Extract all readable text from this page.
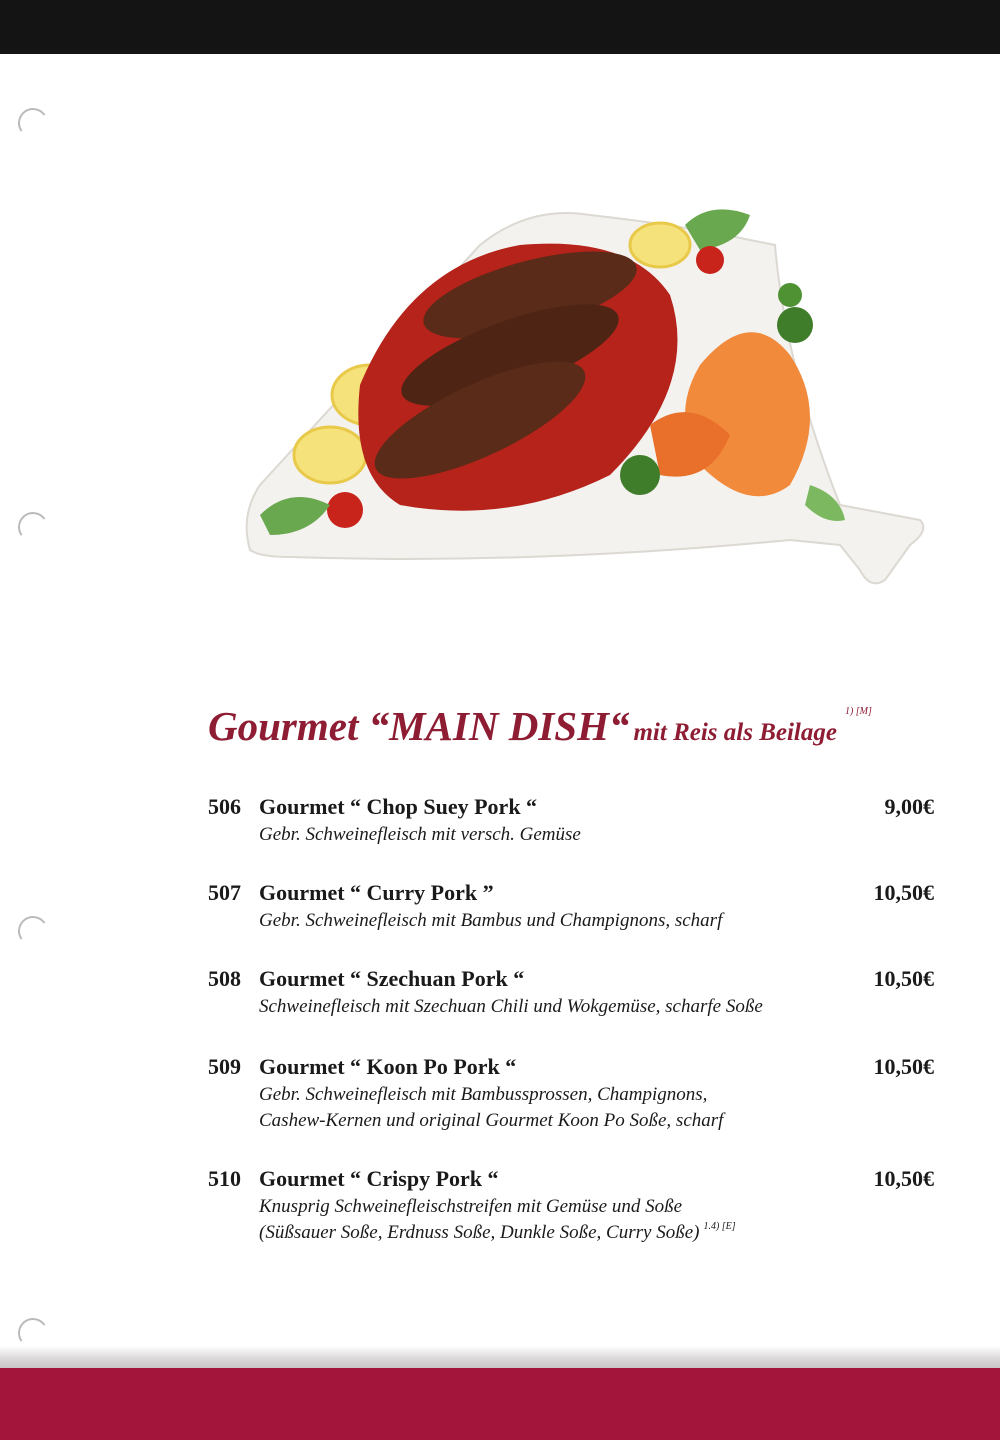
Gourmet “MAIN DISH“ mit Reis als Beilage $^{1) [M]}$
506 Gourmet “ Chop Suey Pork “	9,00€
Gebr. Schweinefleisch mit versch. Gemüse
507 Gourmet “ Curry Pork ”	10,50€
Gebr. Schweinefleisch mit Bambus und Champignons, scharf
508 Gourmet “ Szechuan Pork “	10,50€
Schweinefleisch mit Szechuan Chili und Wokgemüse, scharfe Soße
509 Gourmet “ Koon Po Pork “	10,50€
Gebr. Schweinefleisch mit Bambussprossen, Champignons,
Cashew-Kernen und original Gourmet Koon Po Soße, scharf
510 Gourmet “ Crispy Pork “	10,50€
Knusprig Schweinefleischstreifen mit Gemüse und Soße
(Süßsauer Soße, Erdnuss Soße, Dunkle Soße, Curry Soße) $^{1.4) [E]}$
